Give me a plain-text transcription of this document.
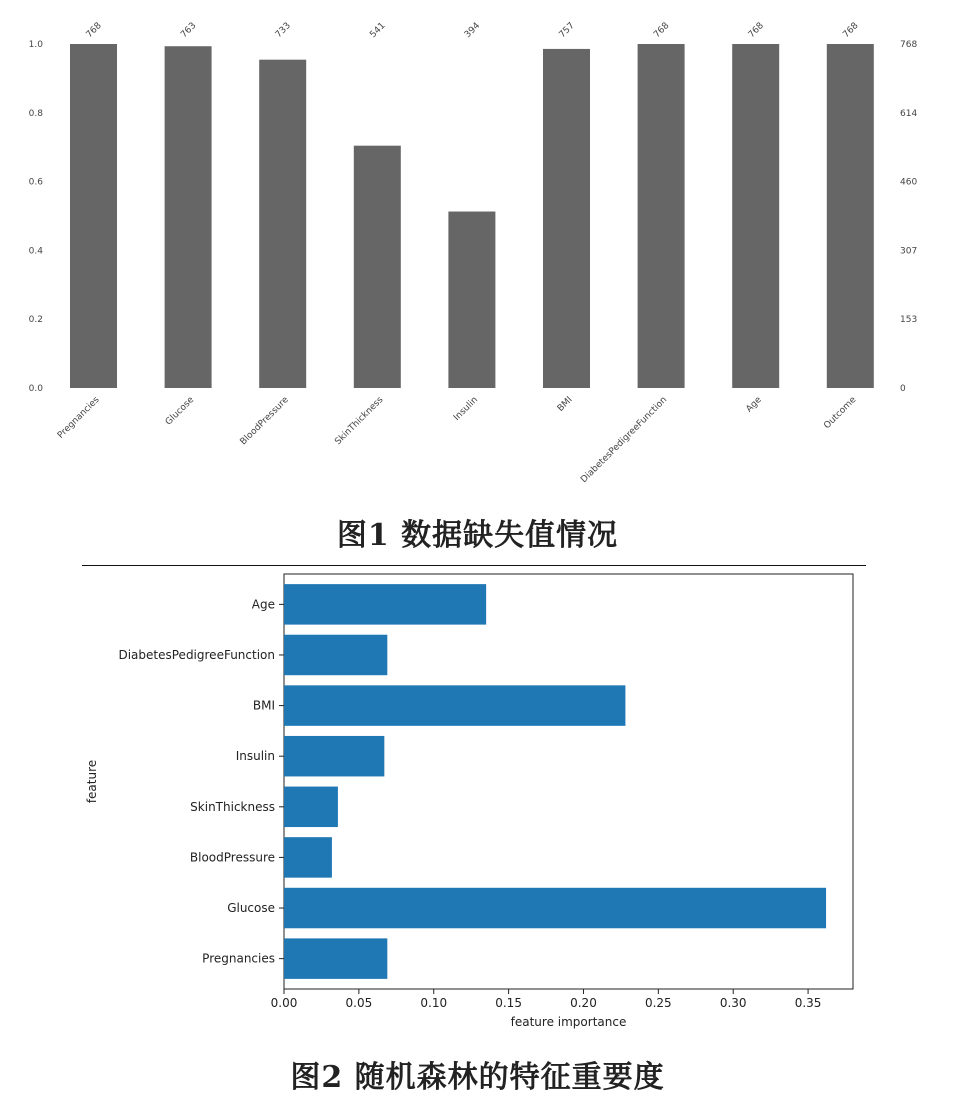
0.0
0.2
0.4
0.6
0.8
1.0
0
153
307
460
614
768
768
Pregnancies
763
Glucose
733
BloodPressure
541
SkinThickness
394
Insulin
757
BMI
768
DiabetesPedigreeFunction
768
Age
768
Outcome
图1 数据缺失值情况
Pregnancies
Glucose
BloodPressure
SkinThickness
Insulin
BMI
DiabetesPedigreeFunction
Age
0.00	0.05	0.10	0.15	0.20	0.25	0.30	0.35
feature importance
feature
图2 随机森林的特征重要度
